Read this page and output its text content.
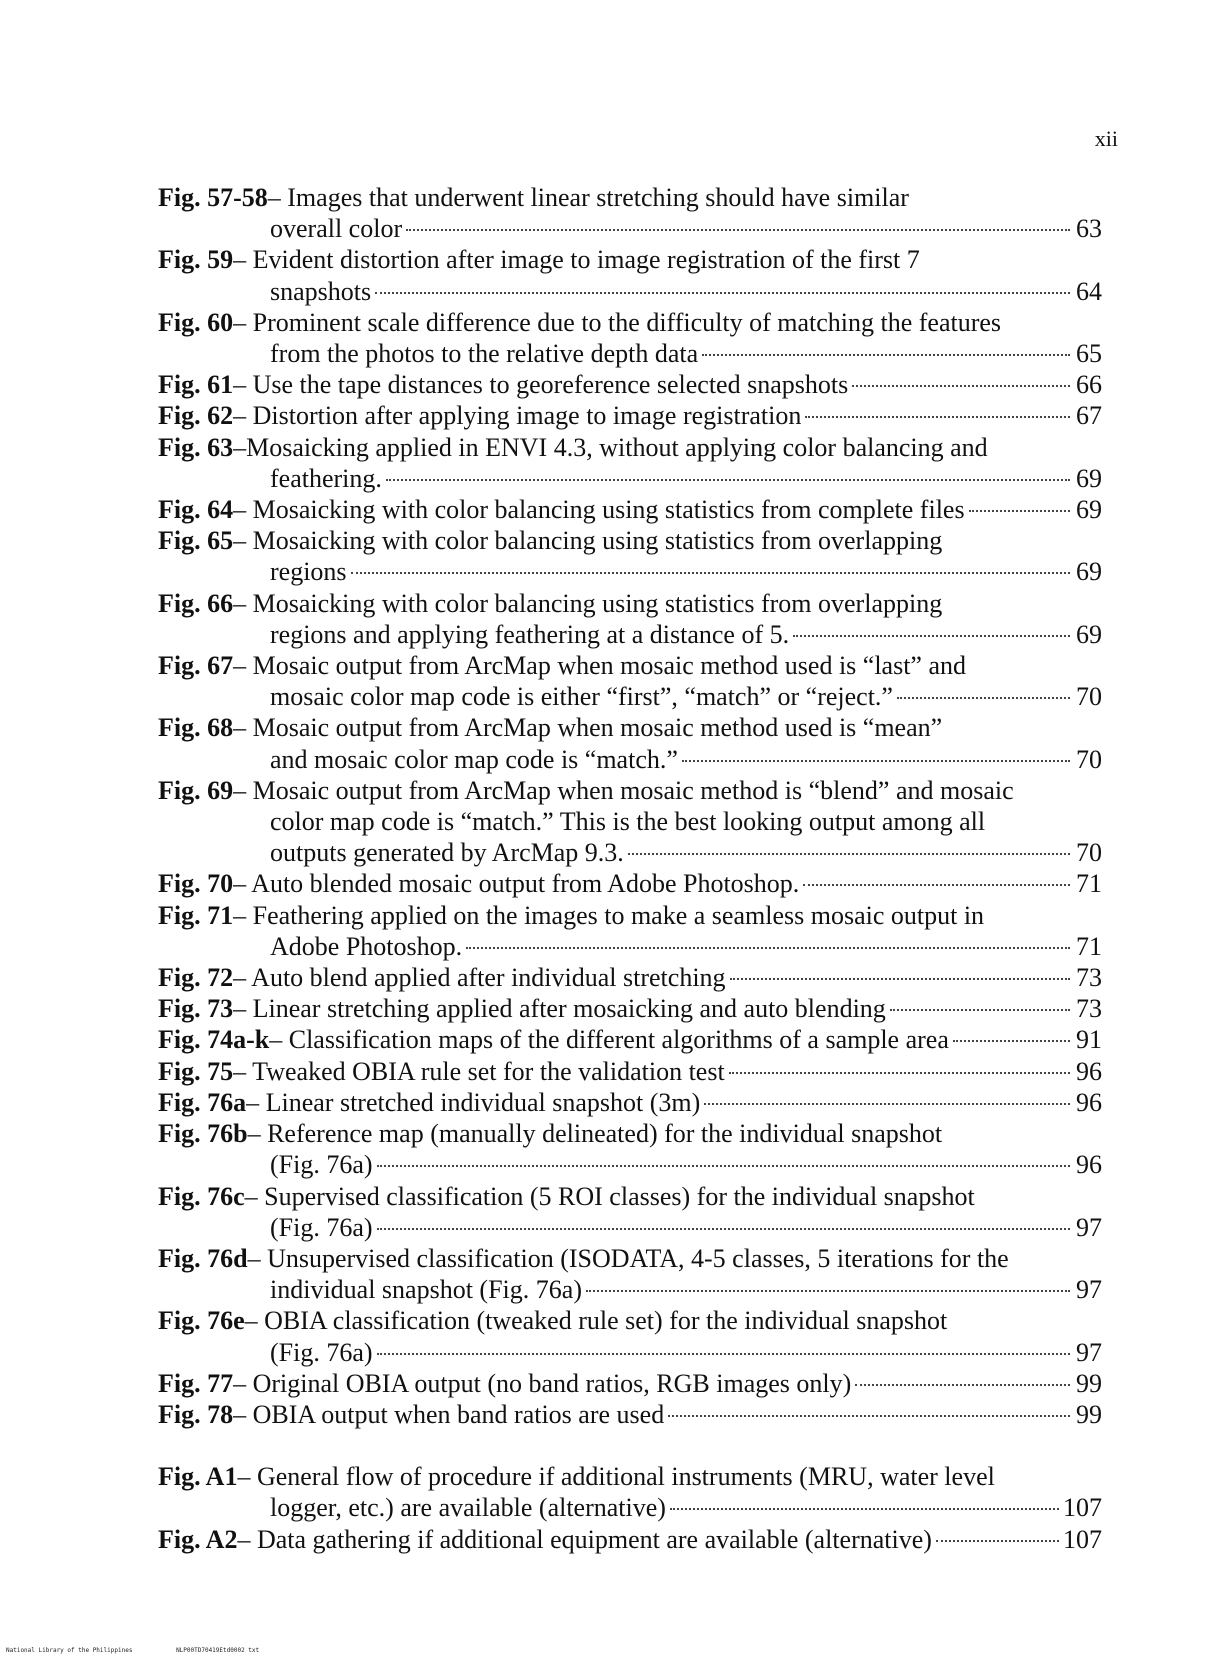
xii
Fig. 57-58 – Images that underwent linear stretching should have similar
overall color	63
Fig. 59 – Evident distortion after image to image registration of the first 7
snapshots	64
Fig. 60 – Prominent scale difference due to the difficulty of matching the features
from the photos to the relative depth data	65
Fig. 61 – Use the tape distances to georeference selected snapshots	66
Fig. 62 – Distortion after applying image to image registration	67
Fig. 63 –Mosaicking applied in ENVI 4.3, without applying color balancing and
feathering.	69
Fig. 64 – Mosaicking with color balancing using statistics from complete files	69
Fig. 65 – Mosaicking with color balancing using statistics from overlapping
regions	69
Fig. 66 – Mosaicking with color balancing using statistics from overlapping
regions and applying feathering at a distance of 5.	69
Fig. 67 – Mosaic output from ArcMap when mosaic method used is “last” and
mosaic color map code is either “first”, “match” or “reject.”	70
Fig. 68 – Mosaic output from ArcMap when mosaic method used is “mean”
and mosaic color map code is “match.”	70
Fig. 69 – Mosaic output from ArcMap when mosaic method is “blend” and mosaic
color map code is “match.” This is the best looking output among all
outputs generated by ArcMap 9.3.	70
Fig. 70 – Auto blended mosaic output from Adobe Photoshop.	71
Fig. 71 – Feathering applied on the images to make a seamless mosaic output in
Adobe Photoshop.	71
Fig. 72 – Auto blend applied after individual stretching	73
Fig. 73 – Linear stretching applied after mosaicking and auto blending	73
Fig. 74a-k – Classification maps of the different algorithms of a sample area	91
Fig. 75 – Tweaked OBIA rule set for the validation test	96
Fig. 76a – Linear stretched individual snapshot (3m)	96
Fig. 76b – Reference map (manually delineated) for the individual snapshot
(Fig. 76a)	96
Fig. 76c – Supervised classification (5 ROI classes) for the individual snapshot
(Fig. 76a)	97
Fig. 76d – Unsupervised classification (ISODATA, 4-5 classes, 5 iterations for the
individual snapshot (Fig. 76a)	97
Fig. 76e – OBIA classification (tweaked rule set) for the individual snapshot
(Fig. 76a)	97
Fig. 77 – Original OBIA output (no band ratios, RGB images only)	99
Fig. 78 – OBIA output when band ratios are used	99
Fig. A1 – General flow of procedure if additional instruments (MRU, water level
logger, etc.) are available (alternative)	107
Fig. A2 – Data gathering if additional equipment are available (alternative)	107
National Library of the Philippines	NLP00TD70419Etd0002 txt
